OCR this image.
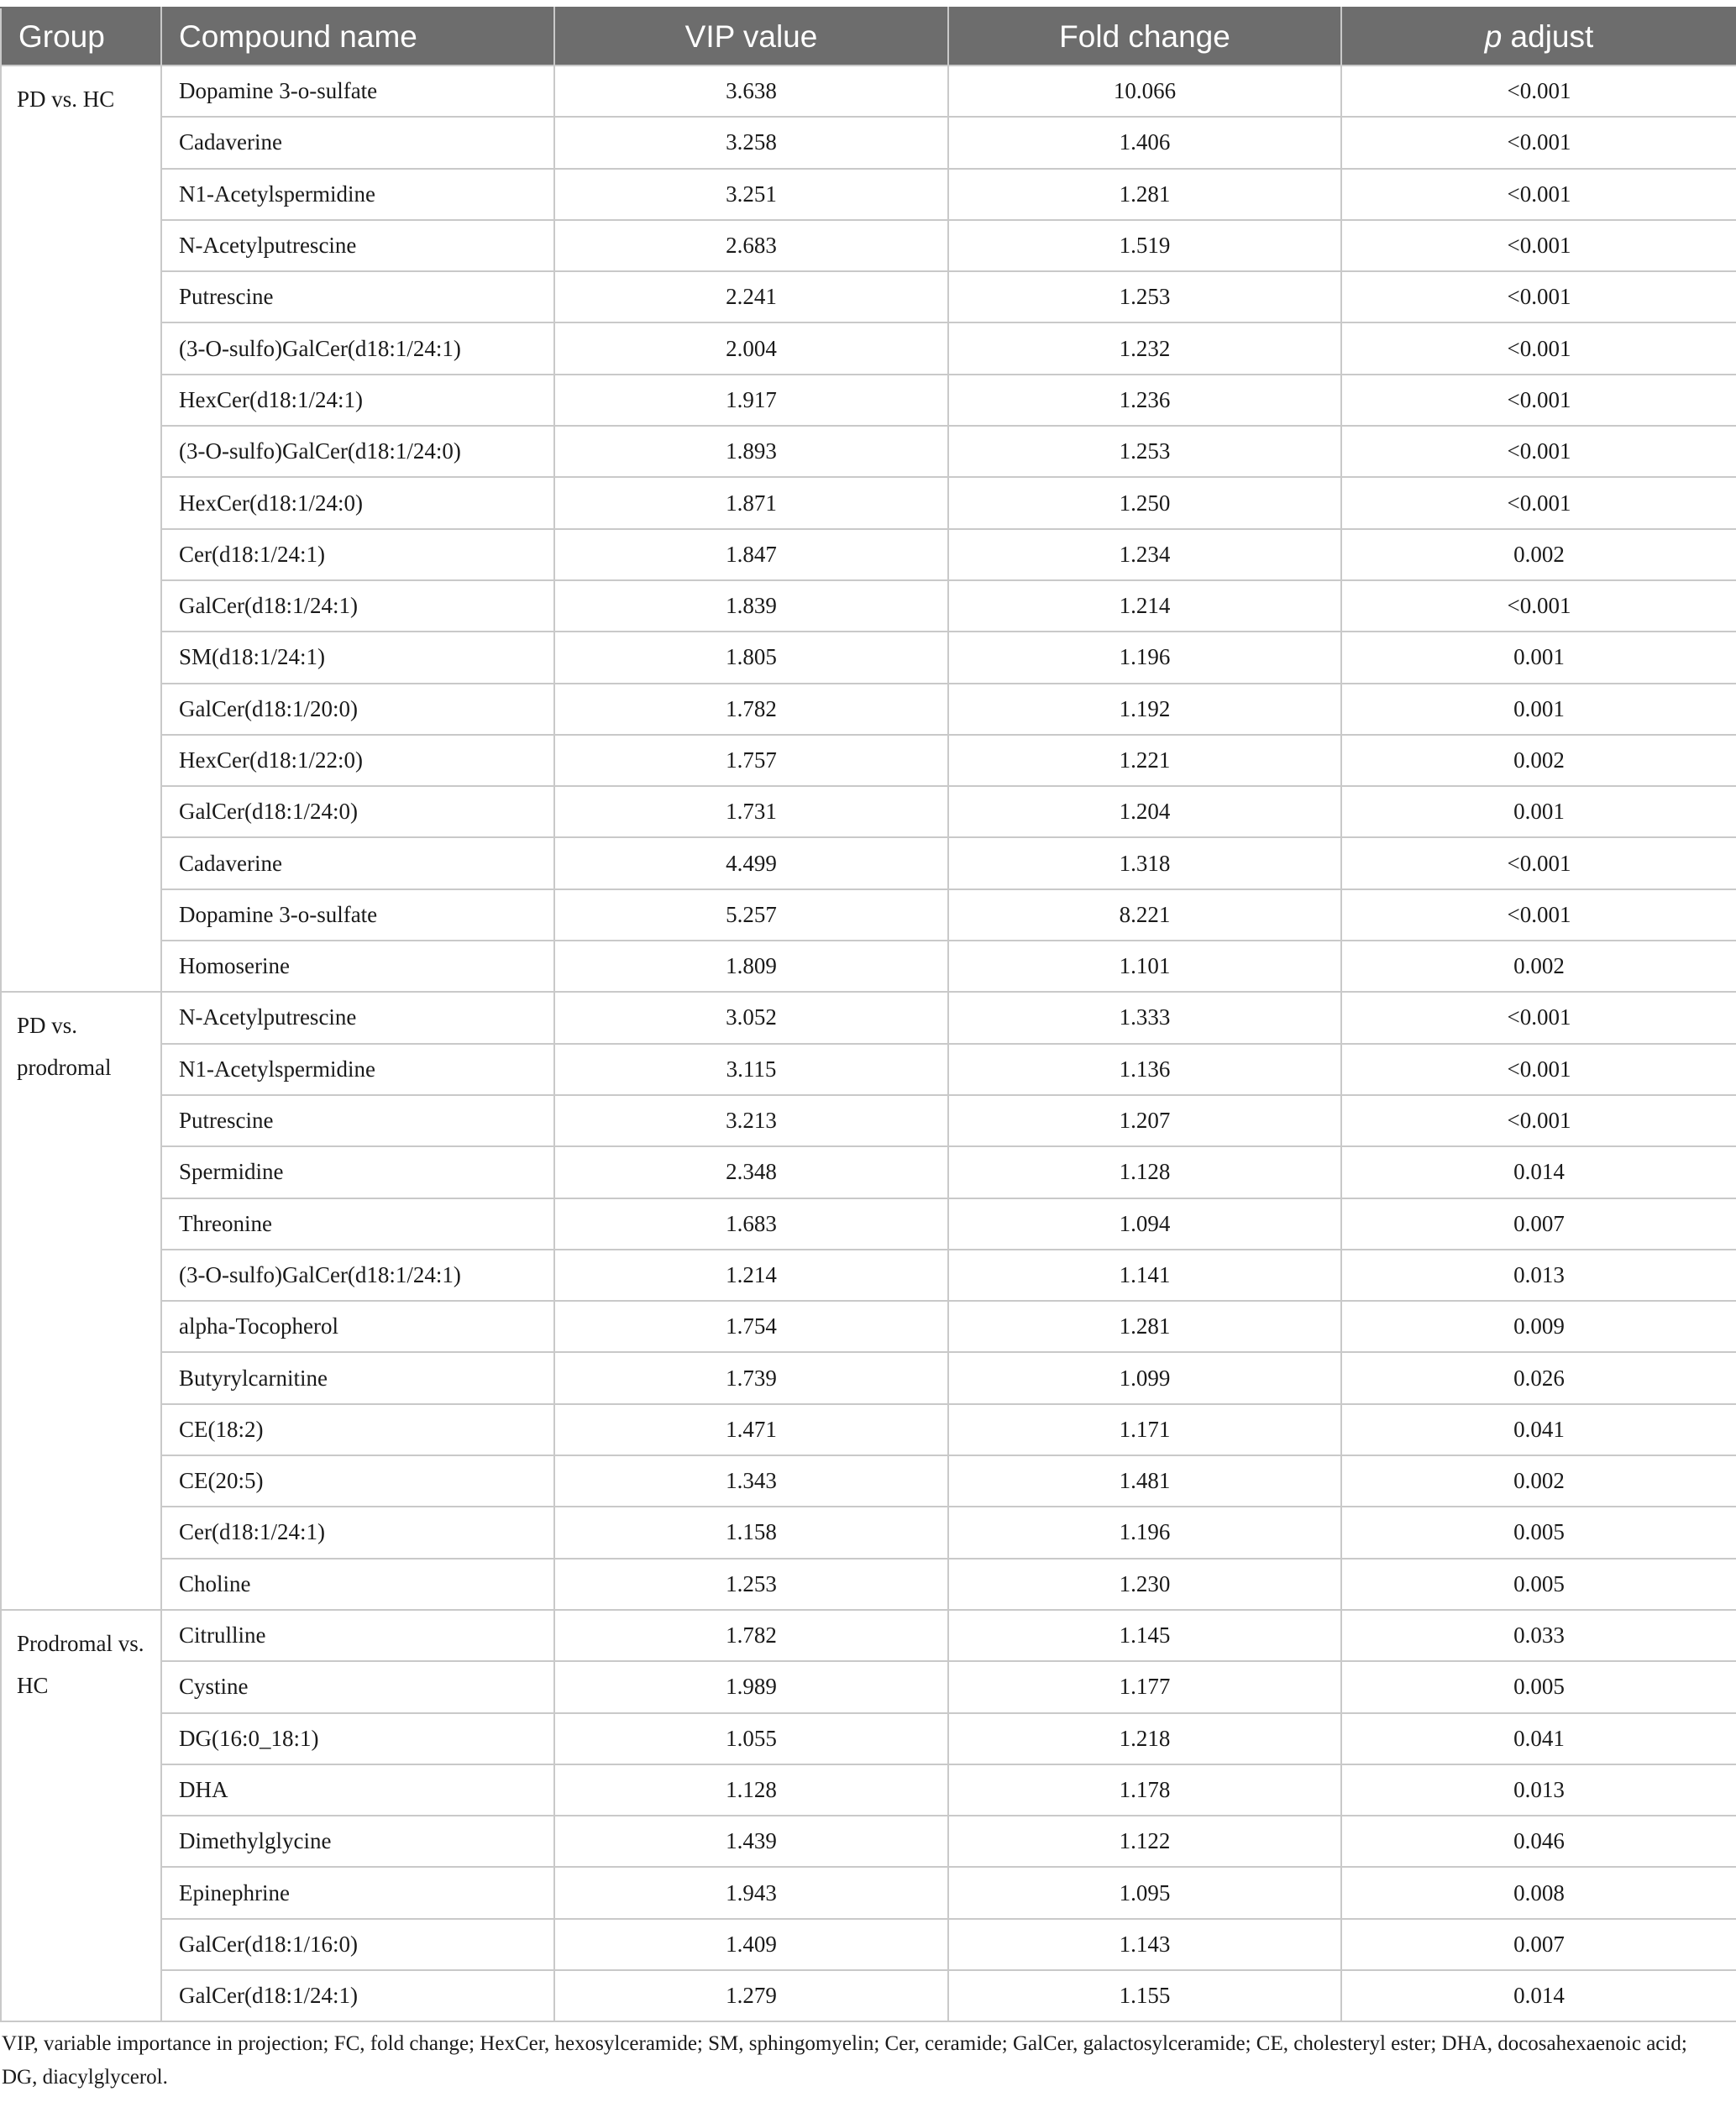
Group	Compound name	VIP value	Fold change	p adjust
PD vs. HC	Dopamine 3-o-sulfate	3.638	10.066	<0.001
	Cadaverine	3.258	1.406	<0.001
	N1-Acetylspermidine	3.251	1.281	<0.001
	N-Acetylputrescine	2.683	1.519	<0.001
	Putrescine	2.241	1.253	<0.001
	(3-O-sulfo)GalCer(d18:1/24:1)	2.004	1.232	<0.001
	HexCer(d18:1/24:1)	1.917	1.236	<0.001
	(3-O-sulfo)GalCer(d18:1/24:0)	1.893	1.253	<0.001
	HexCer(d18:1/24:0)	1.871	1.250	<0.001
	Cer(d18:1/24:1)	1.847	1.234	0.002
	GalCer(d18:1/24:1)	1.839	1.214	<0.001
	SM(d18:1/24:1)	1.805	1.196	0.001
	GalCer(d18:1/20:0)	1.782	1.192	0.001
	HexCer(d18:1/22:0)	1.757	1.221	0.002
	GalCer(d18:1/24:0)	1.731	1.204	0.001
	Cadaverine	4.499	1.318	<0.001
	Dopamine 3-o-sulfate	5.257	8.221	<0.001
	Homoserine	1.809	1.101	0.002
PD vs. prodromal	N-Acetylputrescine	3.052	1.333	<0.001
	N1-Acetylspermidine	3.115	1.136	<0.001
	Putrescine	3.213	1.207	<0.001
	Spermidine	2.348	1.128	0.014
	Threonine	1.683	1.094	0.007
	(3-O-sulfo)GalCer(d18:1/24:1)	1.214	1.141	0.013
	alpha-Tocopherol	1.754	1.281	0.009
	Butyrylcarnitine	1.739	1.099	0.026
	CE(18:2)	1.471	1.171	0.041
	CE(20:5)	1.343	1.481	0.002
	Cer(d18:1/24:1)	1.158	1.196	0.005
	Choline	1.253	1.230	0.005
Prodromal vs. HC	Citrulline	1.782	1.145	0.033
	Cystine	1.989	1.177	0.005
	DG(16:0_18:1)	1.055	1.218	0.041
	DHA	1.128	1.178	0.013
	Dimethylglycine	1.439	1.122	0.046
	Epinephrine	1.943	1.095	0.008
	GalCer(d18:1/16:0)	1.409	1.143	0.007
	GalCer(d18:1/24:1)	1.279	1.155	0.014
VIP, variable importance in projection; FC, fold change; HexCer, hexosylceramide; SM, sphingomyelin; Cer, ceramide; GalCer, galactosylceramide; CE, cholesteryl ester; DHA, docosahexaenoic acid; DG, diacylglycerol.
